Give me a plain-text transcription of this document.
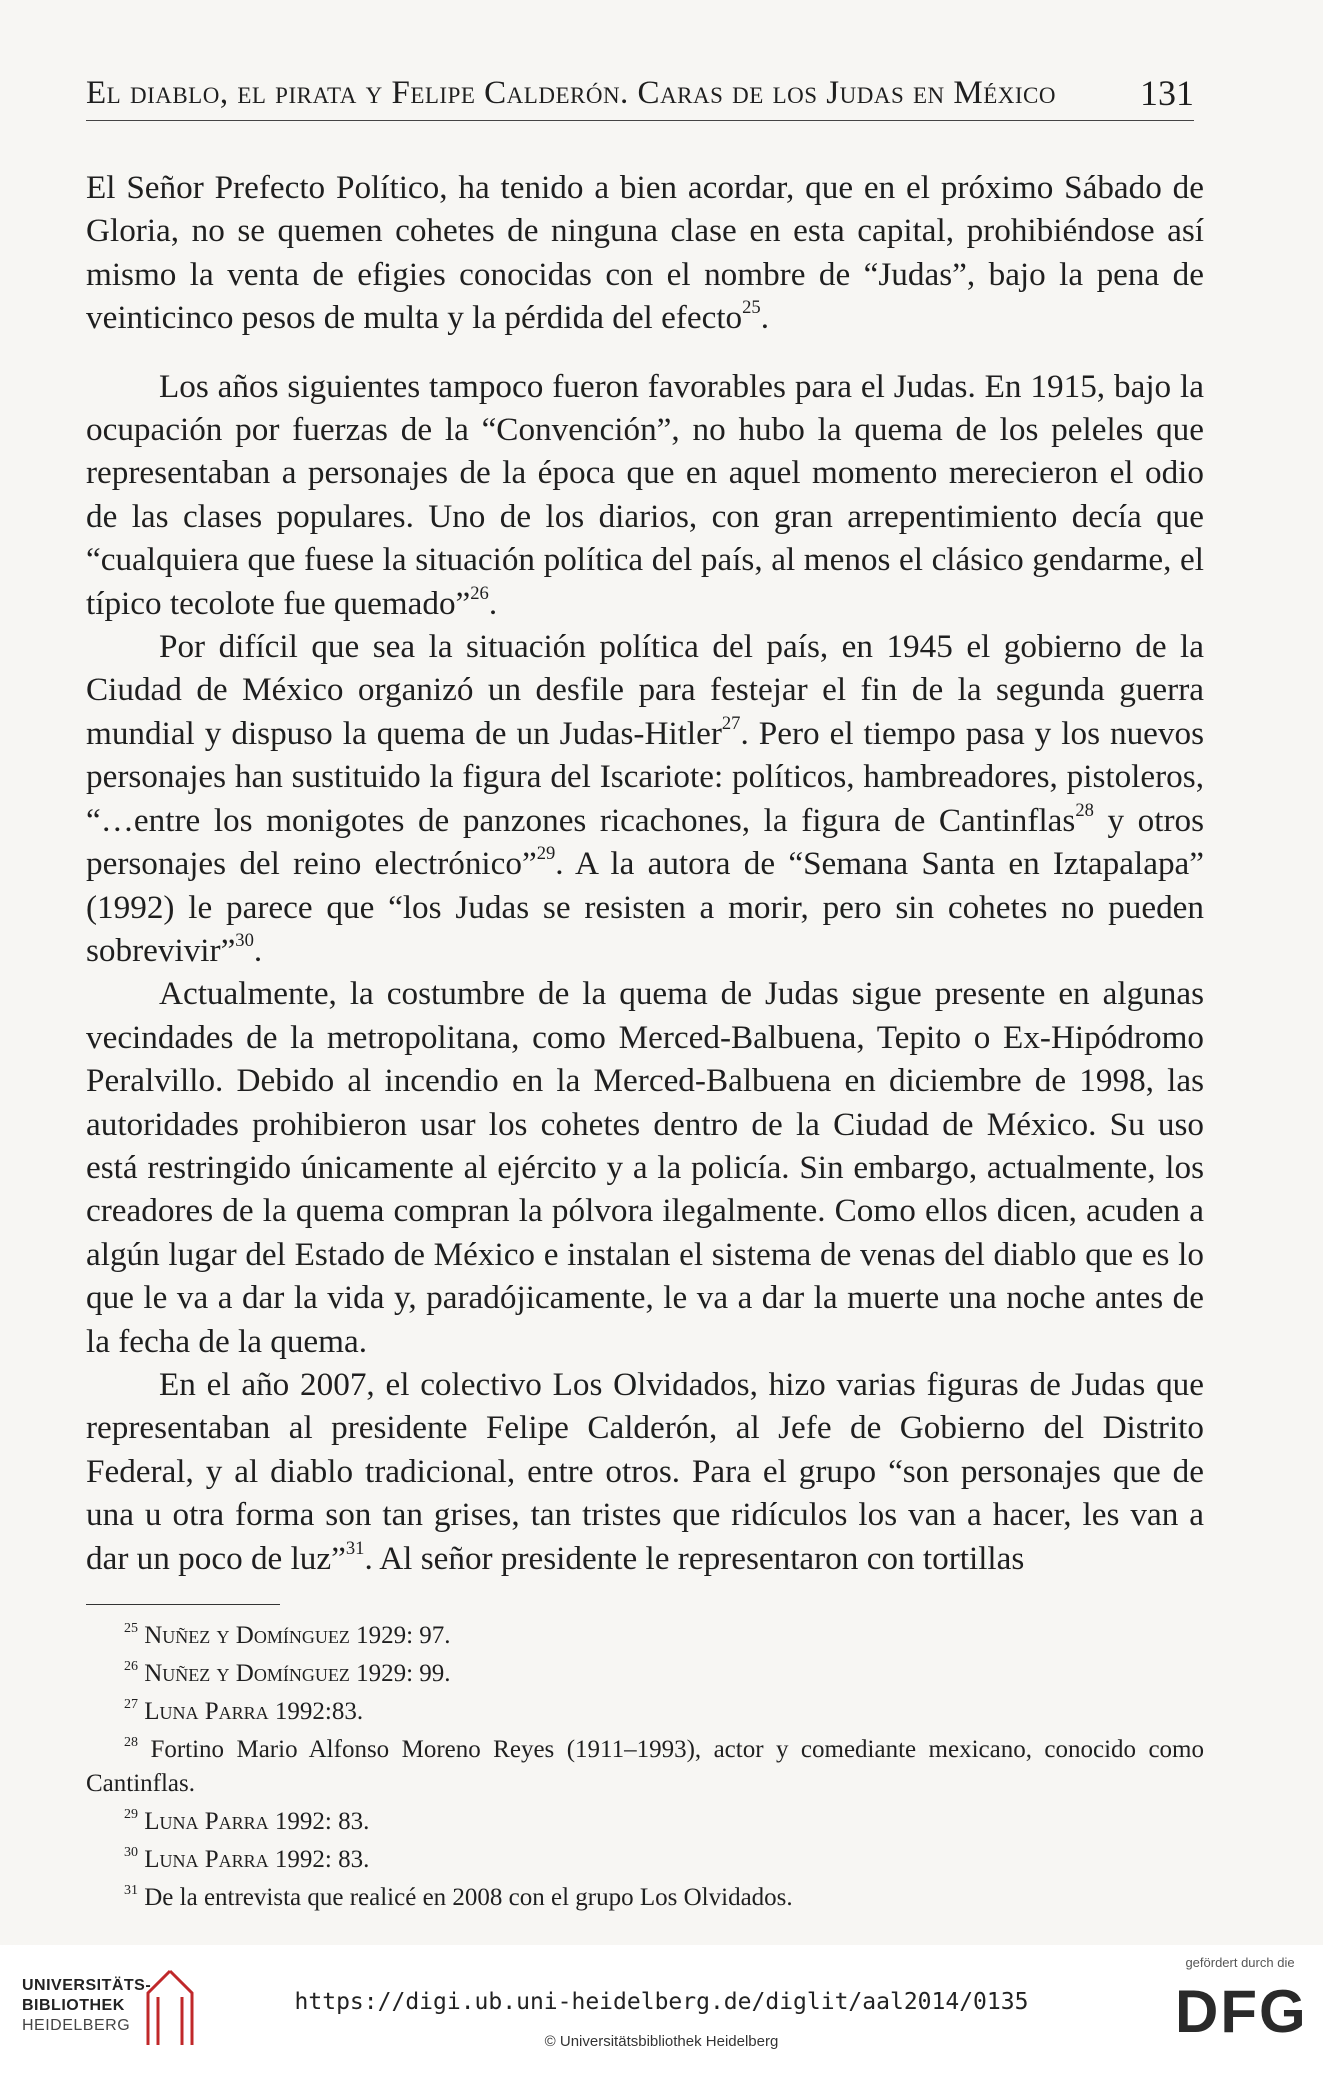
El diablo, el pirata y Felipe Calderón. Caras de los Judas en México 131

El Señor Prefecto Político, ha tenido a bien acordar, que en el próximo Sábado de Gloria, no se quemen cohetes de ninguna clase en esta capital, prohibiéndose así mismo la venta de efigies conocidas con el nombre de “Judas”, bajo la pena de veinticinco pesos de multa y la pérdida del efecto$^{25}$.

Los años siguientes tampoco fueron favorables para el Judas. En 1915, bajo la ocupación por fuerzas de la “Convención”, no hubo la quema de los peleles que representaban a personajes de la época que en aquel momento merecieron el odio de las clases populares. Uno de los diarios, con gran arrepentimiento decía que “cualquiera que fuese la situación política del país, al menos el clásico gendarme, el típico tecolote fue quemado”$^{26}$.

Por difícil que sea la situación política del país, en 1945 el gobierno de la Ciudad de México organizó un desfile para festejar el fin de la segunda guerra mundial y dispuso la quema de un Judas-Hitler$^{27}$. Pero el tiempo pasa y los nuevos personajes han sustituido la figura del Iscariote: políticos, hambreadores, pistoleros, “…entre los monigotes de panzones ricachones, la figura de Cantinflas$^{28}$ y otros personajes del reino electrónico”$^{29}$. A la autora de “Semana Santa en Iztapalapa” (1992) le parece que “los Judas se resisten a morir, pero sin cohetes no pueden sobrevivir”$^{30}$.

Actualmente, la costumbre de la quema de Judas sigue presente en algunas vecindades de la metropolitana, como Merced-Balbuena, Tepito o Ex-Hipódromo Peralvillo. Debido al incendio en la Merced-Balbuena en diciembre de 1998, las autoridades prohibieron usar los cohetes dentro de la Ciudad de México. Su uso está restringido únicamente al ejército y a la policía. Sin embargo, actualmente, los creadores de la quema compran la pólvora ilegalmente. Como ellos dicen, acuden a algún lugar del Estado de México e instalan el sistema de venas del diablo que es lo que le va a dar la vida y, paradójicamente, le va a dar la muerte una noche antes de la fecha de la quema.

En el año 2007, el colectivo Los Olvidados, hizo varias figuras de Judas que representaban al presidente Felipe Calderón, al Jefe de Gobierno del Distrito Federal, y al diablo tradicional, entre otros. Para el grupo “son personajes que de una u otra forma son tan grises, tan tristes que ridículos los van a hacer, les van a dar un poco de luz”$^{31}$. Al señor presidente le representaron con tortillas

$^{25}$ Nuñez y Domínguez 1929: 97.

$^{26}$ Nuñez y Domínguez 1929: 99.

$^{27}$ Luna Parra 1992:83.

$^{28}$ Fortino Mario Alfonso Moreno Reyes (1911–1993), actor y comediante mexicano, conocido como Cantinflas.

$^{29}$ Luna Parra 1992: 83.

$^{30}$ Luna Parra 1992: 83.

$^{31}$ De la entrevista que realicé en 2008 con el grupo Los Olvidados.

UNIVERSITÄTS-
BIBLIOTHEK
HEIDELBERG
https://digi.ub.uni-heidelberg.de/diglit/aal2014/0135
© Universitätsbibliothek Heidelberg
gefördert durch die
DFG
